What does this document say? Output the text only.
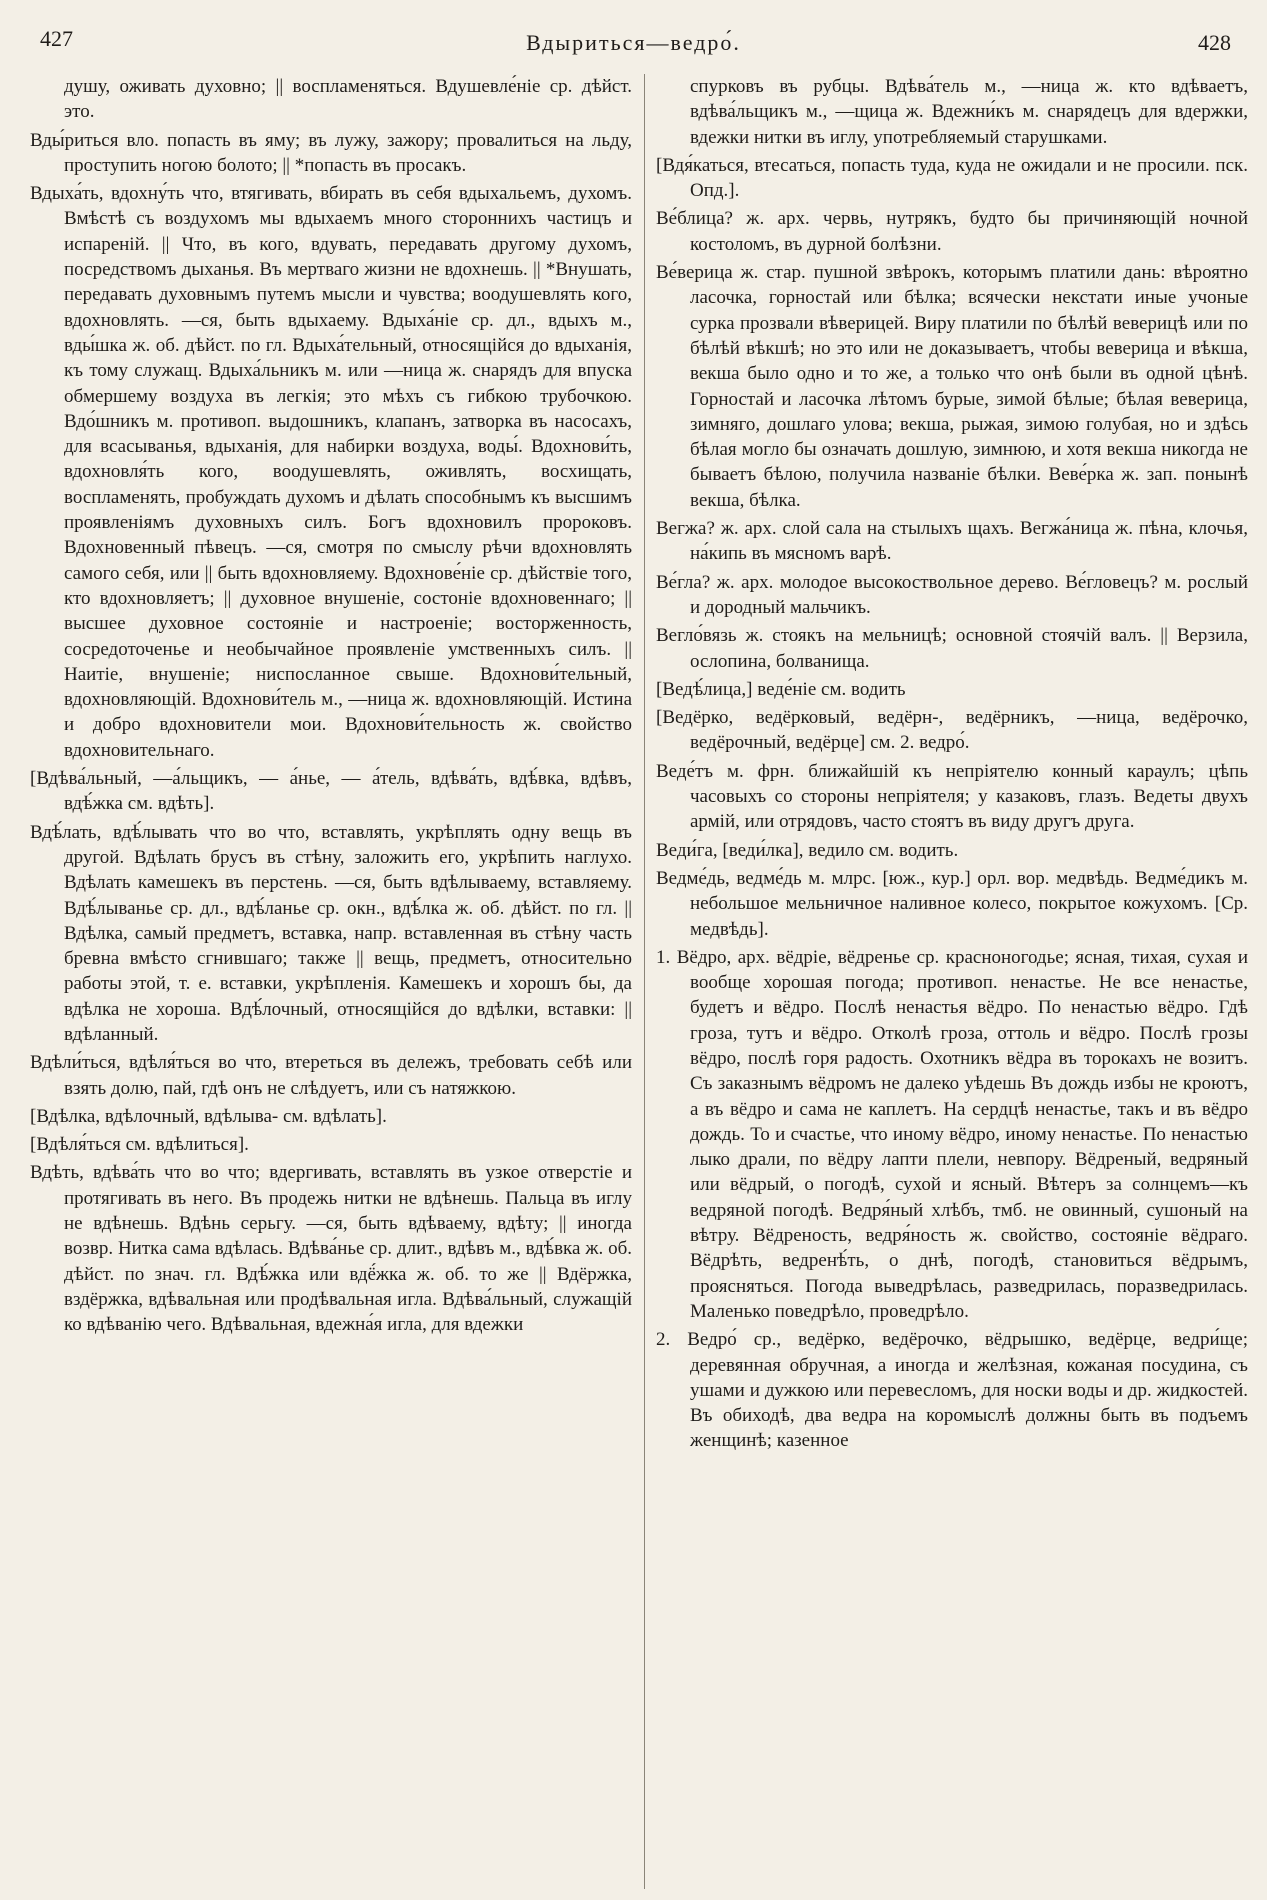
427	Вдыриться—ведро́.	428

душу, оживать духовно; || воспламеняться. Вдушевле́ніе ср. дѣйст. это.

Вды́риться вло. попасть въ яму; въ лужу, зажору; провалиться на льду, проступить ногою болото; || *попасть въ просакъ.

Вдыха́ть, вдохну́ть что, втягивать, вбирать въ себя вдыхальемъ, духомъ. Вмѣстѣ съ воздухомъ мы вдыхаемъ много стороннихъ частицъ и испареній. || Что, въ кого, вдувать, передавать другому духомъ, посредствомъ дыханья. Въ мертваго жизни не вдохнешь. || *Внушать, передавать духовнымъ путемъ мысли и чувства; воодушевлять кого, вдохновлять. —ся, быть вдыхаему. Вдыха́ніе ср. дл., вдыхъ м., вды́шка ж. об. дѣйст. по гл. Вдыха́тельный, относящійся до вдыханія, къ тому служащ. Вдыха́льникъ м. или —ница ж. снарядъ для впуска обмершему воздуха въ легкія; это мѣхъ съ гибкою трубочкою. Вдо́шникъ м. противоп. выдошникъ, клапанъ, затворка въ насосахъ, для всасыванья, вдыханія, для набирки воздуха, воды́. Вдохнови́ть, вдохновля́ть кого, воодушевлять, оживлять, восхищать, воспламенять, пробуждать духомъ и дѣлать способнымъ къ высшимъ проявленіямъ духовныхъ силъ. Богъ вдохновилъ пророковъ. Вдохновенный пѣвецъ. —ся, смотря по смыслу рѣчи вдохновлять самого себя, или || быть вдохновляему. Вдохнове́ніе ср. дѣйствіе того, кто вдохновляетъ; || духовное внушеніе, состоніе вдохновеннаго; || высшее духовное состояніе и настроеніе; восторженность, сосредоточенье и необычайное проявленіе умственныхъ силъ. || Наитіе, внушеніе; ниспосланное свыше. Вдохнови́тельный, вдохновляющій. Вдохнови́тель м., —ница ж. вдохновляющій. Истина и добро вдохновители мои. Вдохнови́тельность ж. свойство вдохновительнаго.

[Вдѣва́льный, —а́льщикъ, — а́нье, — а́тель, вдѣва́ть, вдѣ́вка, вдѣвъ, вдѣ́жка см. вдѣть].

Вдѣ́лать, вдѣ́лывать что во что, вставлять, укрѣплять одну вещь въ другой. Вдѣлать брусъ въ стѣну, заложить его, укрѣпить наглухо. Вдѣлать камешекъ въ перстень. —ся, быть вдѣлываему, вставляему. Вдѣ́лыванье ср. дл., вдѣ́ланье ср. окн., вдѣ́лка ж. об. дѣйст. по гл. || Вдѣлка, самый предметъ, вставка, напр. вставленная въ стѣну часть бревна вмѣсто сгнившаго; также || вещь, предметъ, относительно работы этой, т. е. вставки, укрѣпленія. Камешекъ и хорошъ бы, да вдѣлка не хороша. Вдѣ́лочный, относящійся до вдѣлки, вставки: || вдѣланный.

Вдѣли́ться, вдѣля́ться во что, втереться въ дележъ, требовать себѣ или взять долю, пай, гдѣ онъ не слѣдуетъ, или съ натяжкою.

[Вдѣлка, вдѣлочный, вдѣлыва- см. вдѣлать].

[Вдѣля́ться см. вдѣлиться].

Вдѣть, вдѣва́ть что во что; вдергивать, вставлять въ узкое отверстіе и протягивать въ него. Въ продежь нитки не вдѣнешь. Пальца въ иглу не вдѣнешь. Вдѣнь серьгу. —ся, быть вдѣваему, вдѣту; || иногда возвр. Нитка сама вдѣлась. Вдѣва́нье ср. длит., вдѣвъ м., вдѣ́вка ж. об. дѣйст. по знач. гл. Вдѣ́жка или вдё́жка ж. об. то же || Вдёржка, вздёржка, вдѣвальная или продѣвальная игла. Вдѣва́льный, служащій ко вдѣванію чего. Вдѣвальная, вдежна́я игла, для вдежки

спурковъ въ рубцы. Вдѣва́тель м., —ница ж. кто вдѣваетъ, вдѣва́льщикъ м., —щица ж. Вдежни́къ м. снарядецъ для вдержки, вдежки нитки въ иглу, употребляемый старушками.

[Вдя́каться, втесаться, попасть туда, куда не ожидали и не просили. пск. Опд.].

Ве́блица? ж. арх. червь, нутрякъ, будто бы причиняющій ночной костоломъ, въ дурной болѣзни.

Ве́верица ж. стар. пушной звѣрокъ, которымъ платили дань: вѣроятно ласочка, горностай или бѣлка; всячески некстати иные учоные сурка прозвали вѣверицей. Виру платили по бѣлѣй веверицѣ или по бѣлѣй вѣкшѣ; но это или не доказываетъ, чтобы веверица и вѣкша, векша было одно и то же, а только что онѣ были въ одной цѣнѣ. Горностай и ласочка лѣтомъ бурые, зимой бѣлые; бѣлая веверица, зимняго, дошлаго улова; векша, рыжая, зимою голубая, но и здѣсь бѣлая могло бы означать дошлую, зимнюю, и хотя векша никогда не бываетъ бѣлою, получила названіе бѣлки. Веве́рка ж. зап. понынѣ векша, бѣлка.

Вегжа? ж. арх. слой сала на стылыхъ щахъ. Вегжа́ница ж. пѣна, клочья, на́кипь въ мясномъ варѣ.

Ве́гла? ж. арх. молодое высокоствольное дерево. Ве́гловецъ? м. рослый и дородный мальчикъ.

Вегло́вязь ж. стоякъ на мельницѣ; основной стоячій валъ. || Верзила, ослопина, болванища.

[Ведѣ́лица,] веде́ніе см. водить

[Ведёрко, ведёрковый, ведёрн-, ведёрникъ, —ница, ведёрочко, ведёрочный, ведёрце] см. 2. ведро́.

Веде́тъ м. фрн. ближайшій къ непріятелю конный караулъ; цѣпь часовыхъ со стороны непріятеля; у казаковъ, глазъ. Ведеты двухъ армій, или отрядовъ, часто стоятъ въ виду другъ друга.

Веди́га, [веди́лка], ведило см. водить.

Ведме́дь, ведме́дь м. млрс. [юж., кур.] орл. вор. медвѣдь. Ведме́дикъ м. небольшое мельничное наливное колесо, покрытое кожухомъ. [Ср. медвѣдь].

1. Вёдро, арх. вёдріе, вёдренье ср. красноногодье; ясная, тихая, сухая и вообще хорошая погода; противоп. ненастье. Не все ненастье, будетъ и вёдро. Послѣ ненастья вёдро. По ненастью вёдро. Гдѣ гроза, тутъ и вёдро. Отколѣ гроза, оттоль и вёдро. Послѣ грозы вёдро, послѣ горя радость. Охотникъ вёдра въ торокахъ не возитъ. Съ заказнымъ вёдромъ не далеко уѣдешь Въ дождь избы не кроютъ, а въ вёдро и сама не каплетъ. На сердцѣ ненастье, такъ и въ вёдро дождь. То и счастье, что иному вёдро, иному ненастье. По ненастью лыко драли, по вёдру лапти плели, невпору. Вёдреный, ведряный или вёдрый, о погодѣ, сухой и ясный. Вѣтеръ за солнцемъ—къ ведряной погодѣ. Ведря́ный хлѣбъ, тмб. не овинный, сушоный на вѣтру. Вёдреность, ведря́ность ж. свойство, состояніе вёдраго. Вёдрѣть, ведренѣ́ть, о днѣ, погодѣ, становиться вёдрымъ, проясняться. Погода выведрѣлась, разведрилась, поразведрилась. Маленько поведрѣло, проведрѣло.

2. Ведро́ ср., ведёрко, ведёрочко, вёдрышко, ведёрце, ведри́ще; деревянная обручная, а иногда и желѣзная, кожаная посудина, съ ушами и дужкою или перевесломъ, для носки воды и др. жидкостей. Въ обиходѣ, два ведра на коромыслѣ должны быть въ подъемъ женщинѣ; казенное
